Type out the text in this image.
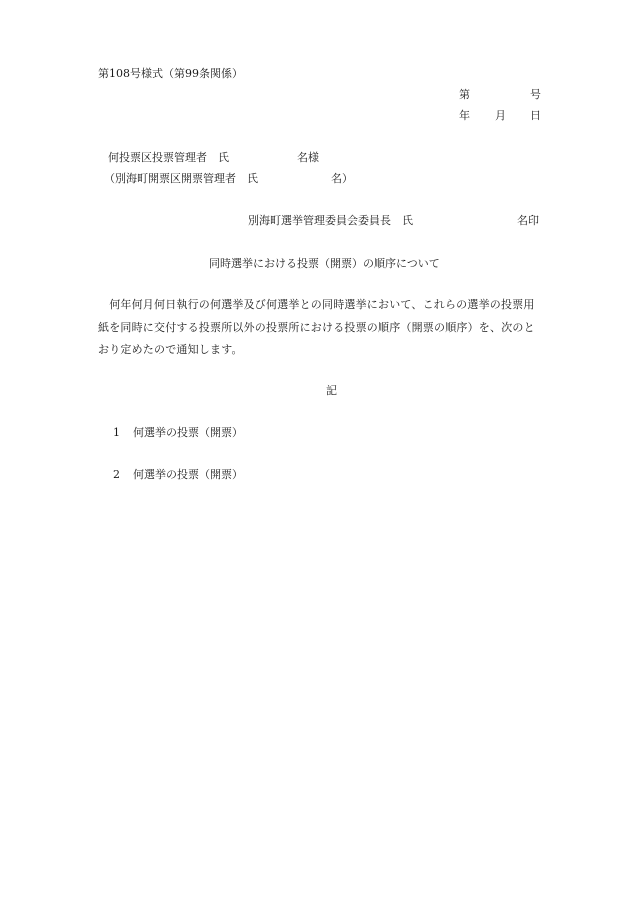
第108号様式（第99条関係）
第	号
年 月 日
何投票区投票管理者　氏	名様
（別海町開票区開票管理者　氏	名）
別海町選挙管理委員会委員長　氏	名印
同時選挙における投票（開票）の順序について
　何年何月何日執行の何選挙及び何選挙との同時選挙において、これらの選挙の投票用
紙を同時に交付する投票所以外の投票所における投票の順序（開票の順序）を、次のと
おり定めたので通知します。
記
1 何選挙の投票（開票）
2 何選挙の投票（開票）
